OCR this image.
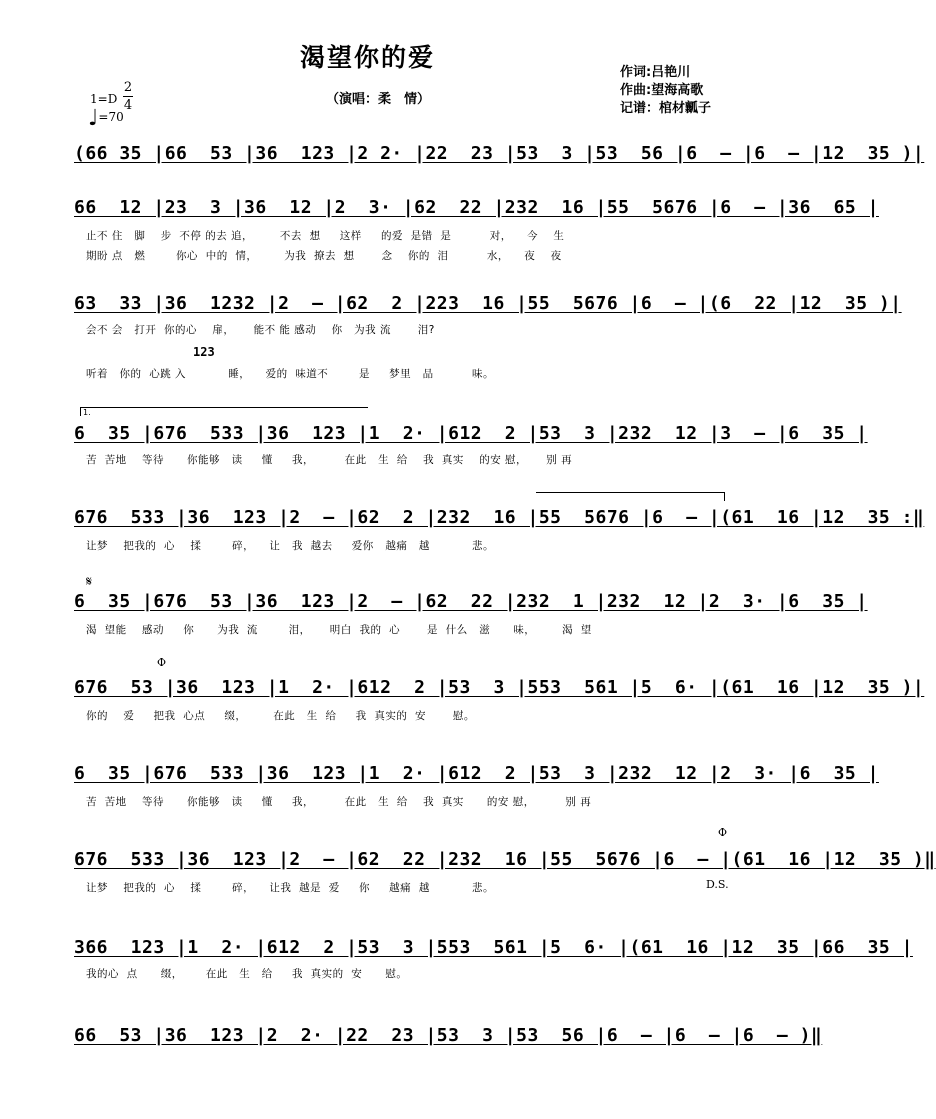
渴望你的爱
（演唱：柔　情）
作词:吕艳川
作曲:望海高歌
记谱：棺材瓤子
1=D
2
4
♩=70
(66 35 |66  53 |36  123 |2 2· |22  23 |53  3 |53  56 |6  – |6  – |12  35 )|
66  12 |23  3 |36  12 |2  3· |62  22 |232  16 |55  5676 |6  – |36  65 |
止不 住   脚    步  不停 的去 追，       不去  想     这样     的爱  是错  是          对，    今    生
期盼 点   燃        你心  中的  情，       为我  撩去  想       念    你的  泪          水，    夜    夜
63  33 |36  1232 |2  – |62  2 |223  16 |55  5676 |6  – |(6  22 |12  35 )|
会不 会   打开  你的心    扉，     能不 能 感动    你   为我 流       泪?
123
听着   你的  心跳 入           睡，    爱的  味道不        是     梦里   品          味。
1.
6  35 |676  533 |36  123 |1  2· |612  2 |53  3 |232  12 |3  – |6  35 |
苦  苦地    等待      你能够   读     懂     我，        在此   生  给    我  真实    的安 慰，     别 再
676  533 |36  123 |2  – |62  2 |232  16 |55  5676 |6  – |(61  16 |12  35 :‖
让梦    把我的  心    揉        碎，    让   我  越去     爱你   越痛   越           悲。
𝄋
6  35 |676  53 |36  123 |2  – |62  22 |232  1 |232  12 |2  3· |6  35 |
渴  望能    感动     你      为我  流        泪，     明白  我的  心       是  什么   滋      味，       渴  望
Φ
676  53 |36  123 |1  2· |612  2 |53  3 |553  561 |5  6· |(61  16 |12  35 )|
你的    爱     把我  心点     缀，       在此   生  给     我  真实的  安       慰。
6  35 |676  533 |36  123 |1  2· |612  2 |53  3 |232  12 |2  3· |6  35 |
苦  苦地    等待      你能够   读     懂     我，        在此   生  给    我  真实      的安 慰，        别 再
Φ
676  533 |36  123 |2  – |62  22 |232  16 |55  5676 |6  – |(61  16 |12  35 )‖
让梦    把我的  心    揉        碎，    让我  越是  爱     你     越痛  越           悲。	D.S.
366  123 |1  2· |612  2 |53  3 |553  561 |5  6· |(61  16 |12  35 |66  35 |
我的心  点      缀，      在此   生   给     我  真实的  安      慰。
66  53 |36  123 |2  2· |22  23 |53  3 |53  56 |6  – |6  – |6  – )‖
